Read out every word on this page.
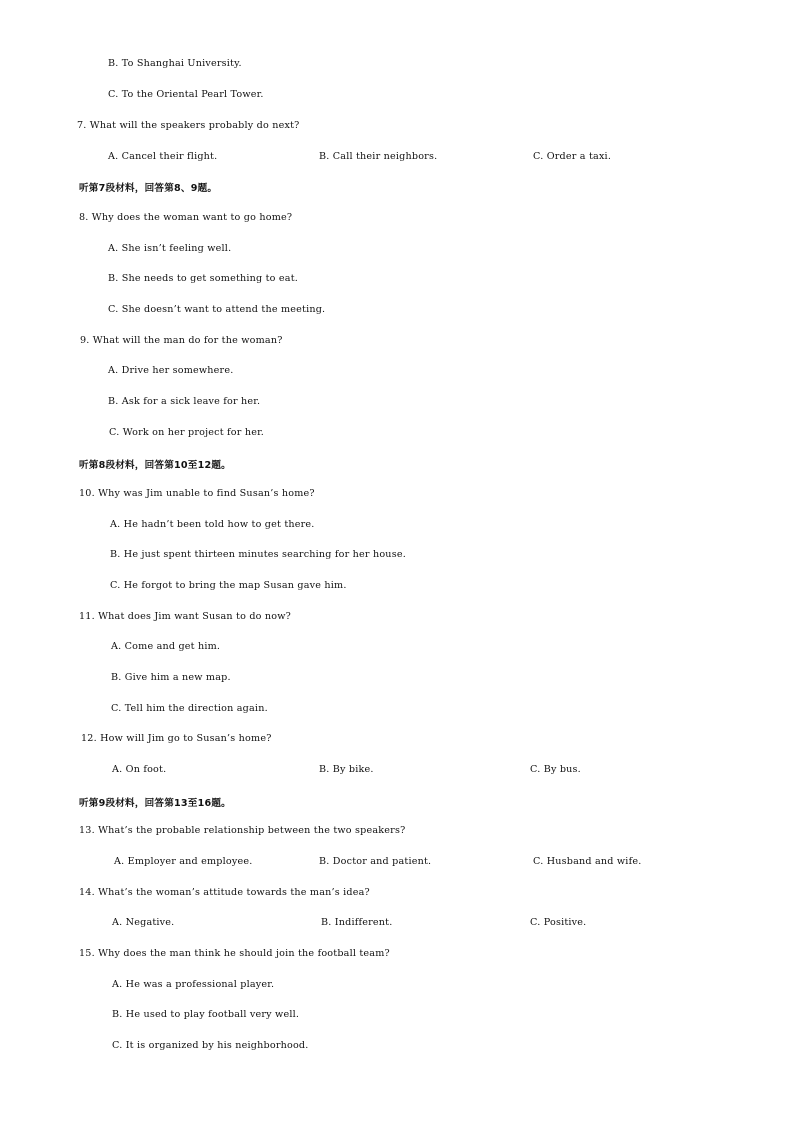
B. To Shanghai University.
C. To the Oriental Pearl Tower.
7. What will the speakers probably do next?
A. Cancel their flight.	B. Call their neighbors.	C. Order a taxi.
听第7段材料，回答第8、9题。
8. Why does the woman want to go home?
A. She isn’t feeling well.
B. She needs to get something to eat.
C. She doesn’t want to attend the meeting.
9. What will the man do for the woman?
A. Drive her somewhere.
B. Ask for a sick leave for her.
C. Work on her project for her.
听第8段材料，回答第10至12题。
10. Why was Jim unable to find Susan’s home?
A. He hadn’t been told how to get there.
B. He just spent thirteen minutes searching for her house.
C. He forgot to bring the map Susan gave him.
11. What does Jim want Susan to do now?
A. Come and get him.
B. Give him a new map.
C. Tell him the direction again.
12. How will Jim go to Susan’s home?
A. On foot.	B. By bike.	C. By bus.
听第9段材料，回答第13至16题。
13. What’s the probable relationship between the two speakers?
A. Employer and employee.	B. Doctor and patient.	C. Husband and wife.
14. What’s the woman’s attitude towards the man’s idea?
A. Negative.	B. Indifferent.	C. Positive.
15. Why does the man think he should join the football team?
A. He was a professional player.
B. He used to play football very well.
C. It is organized by his neighborhood.
